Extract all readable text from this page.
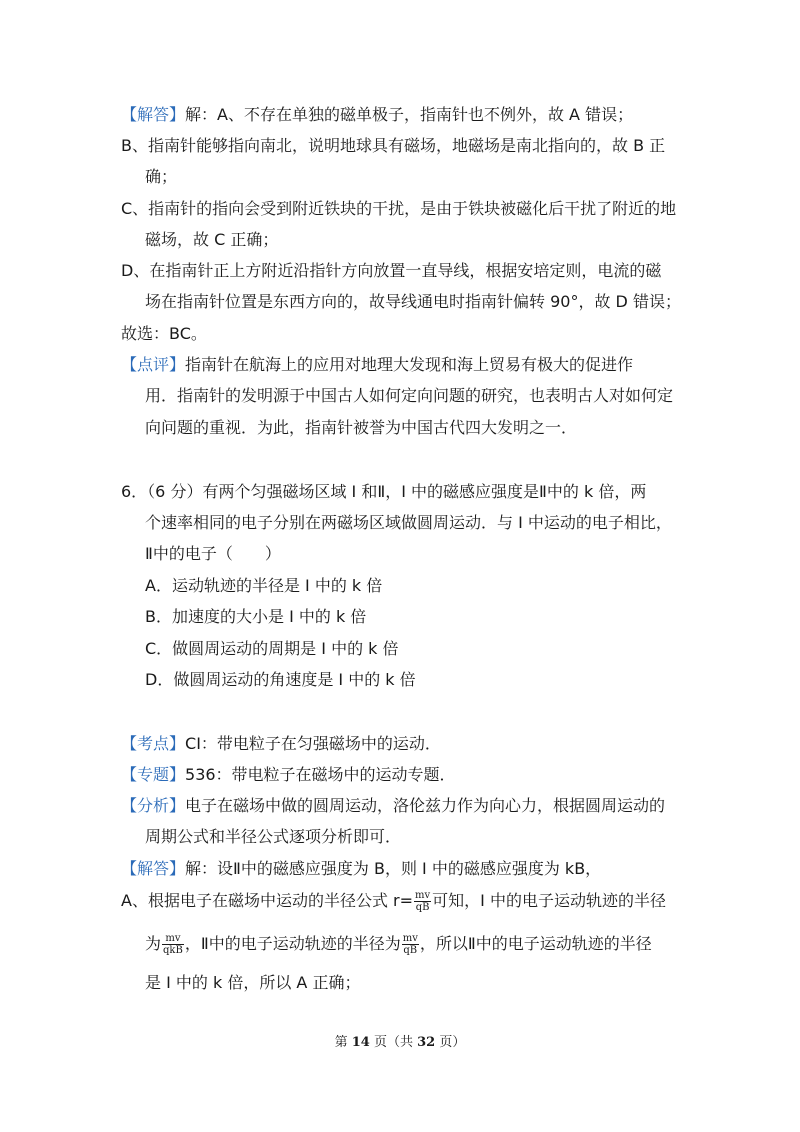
【解答】解：A、不存在单独的磁单极子，指南针也不例外，故 A 错误；
B、指南针能够指向南北，说明地球具有磁场，地磁场是南北指向的，故 B 正
确；
C、指南针的指向会受到附近铁块的干扰，是由于铁块被磁化后干扰了附近的地
磁场，故 C 正确；
D、在指南针正上方附近沿指针方向放置一直导线，根据安培定则，电流的磁
场在指南针位置是东西方向的，故导线通电时指南针偏转 90°，故 D 错误；
故选：BC。
【点评】指南针在航海上的应用对地理大发现和海上贸易有极大的促进作
用．指南针的发明源于中国古人如何定向问题的研究，也表明古人对如何定
向问题的重视．为此，指南针被誉为中国古代四大发明之一．
6．（6 分）有两个匀强磁场区域 I 和Ⅱ，I 中的磁感应强度是Ⅱ中的 k 倍，两
个速率相同的电子分别在两磁场区域做圆周运动．与 I 中运动的电子相比，
Ⅱ中的电子（　　）
A．运动轨迹的半径是 I 中的 k 倍
B．加速度的大小是 I 中的 k 倍
C．做圆周运动的周期是 I 中的 k 倍
D．做圆周运动的角速度是 I 中的 k 倍
【考点】CI：带电粒子在匀强磁场中的运动．
【专题】536：带电粒子在磁场中的运动专题．
【分析】电子在磁场中做的圆周运动，洛伦兹力作为向心力，根据圆周运动的
周期公式和半径公式逐项分析即可．
【解答】解：设Ⅱ中的磁感应强度为 B，则 I 中的磁感应强度为 kB，
A、根据电子在磁场中运动的半径公式 $r= \frac{mv}{qB}$ 可知，I 中的电子运动轨迹的半径
为 $\frac{mv}{\text{qkB}}$ ，Ⅱ中的电子运动轨迹的半径为 $\frac{mv}{qB}$ ，所以Ⅱ中的电子运动轨迹的半径
是 I 中的 k 倍，所以 A 正确；
第 14 页（共 32 页）
